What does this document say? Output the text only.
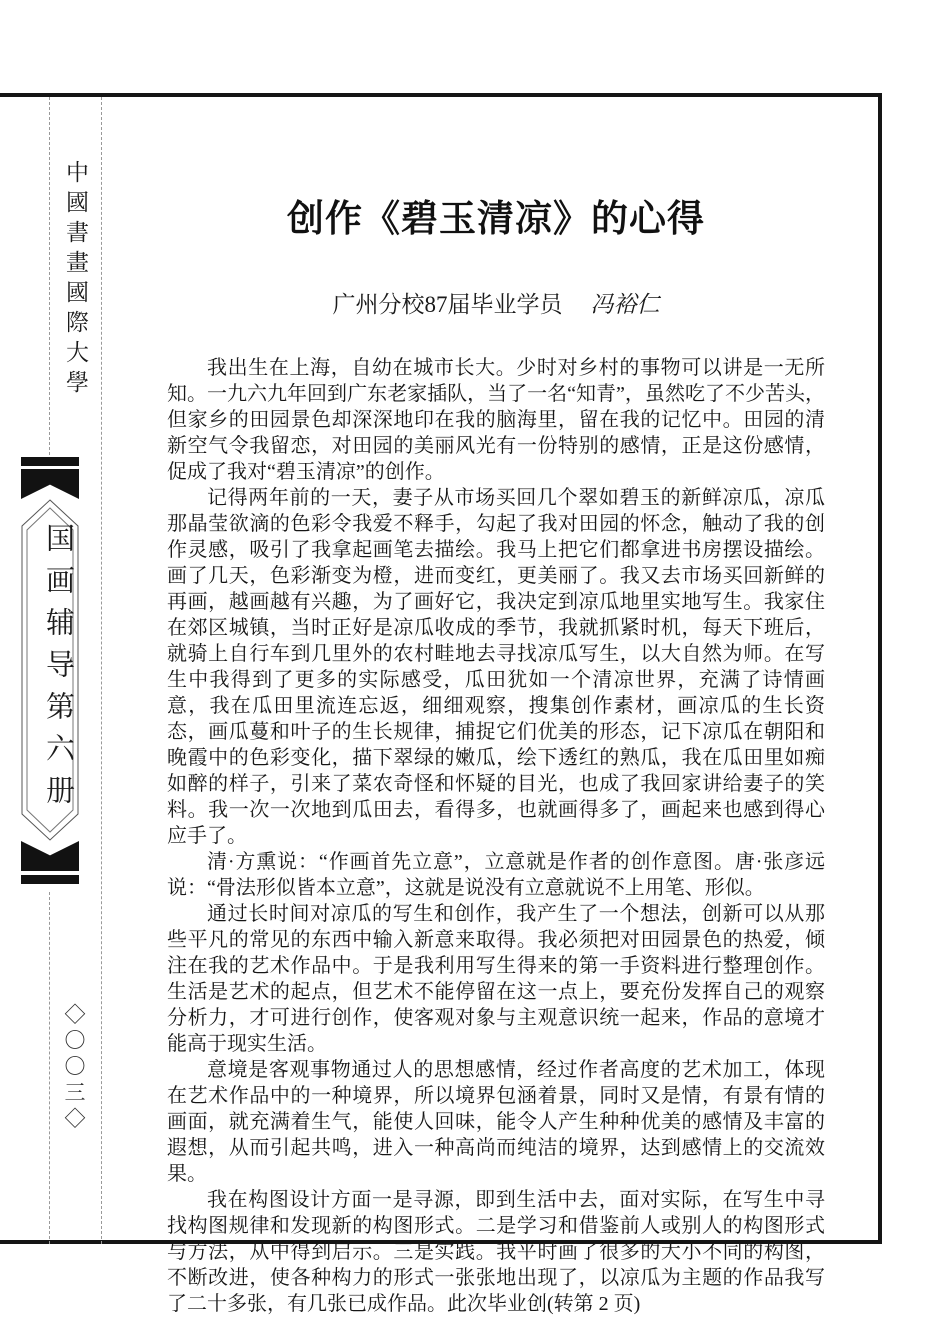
中國書畫國際大學
国画辅导第六册
◇〇〇三◇
创作《碧玉清凉》的心得
广州分校87届毕业学员 冯裕仁

我出生在上海，自幼在城市长大。少时对乡村的事物可以讲是一无所知。一九六九年回到广东老家插队，当了一名“知青”，虽然吃了不少苦头，但家乡的田园景色却深深地印在我的脑海里，留在我的记忆中。田园的清新空气令我留恋，对田园的美丽风光有一份特别的感情，正是这份感情，促成了我对“碧玉清凉”的创作。

记得两年前的一天，妻子从市场买回几个翠如碧玉的新鲜凉瓜，凉瓜那晶莹欲滴的色彩令我爱不释手，勾起了我对田园的怀念，触动了我的创作灵感，吸引了我拿起画笔去描绘。我马上把它们都拿进书房摆设描绘。画了几天，色彩渐变为橙，进而变红，更美丽了。我又去市场买回新鲜的再画，越画越有兴趣，为了画好它，我决定到凉瓜地里实地写生。我家住在郊区城镇，当时正好是凉瓜收成的季节，我就抓紧时机，每天下班后，就骑上自行车到几里外的农村畦地去寻找凉瓜写生，以大自然为师。在写生中我得到了更多的实际感受，瓜田犹如一个清凉世界，充满了诗情画意，我在瓜田里流连忘返，细细观察，搜集创作素材，画凉瓜的生长资态，画瓜蔓和叶子的生长规律，捕捉它们优美的形态，记下凉瓜在朝阳和晚霞中的色彩变化，描下翠绿的嫩瓜，绘下透红的熟瓜，我在瓜田里如痴如醉的样子，引来了菜农奇怪和怀疑的目光，也成了我回家讲给妻子的笑料。我一次一次地到瓜田去，看得多，也就画得多了，画起来也感到得心应手了。

清·方熏说：“作画首先立意”，立意就是作者的创作意图。唐·张彦远说：“骨法形似皆本立意”，这就是说没有立意就说不上用笔、形似。

通过长时间对凉瓜的写生和创作，我产生了一个想法，创新可以从那些平凡的常见的东西中输入新意来取得。我必须把对田园景色的热爱，倾注在我的艺术作品中。于是我利用写生得来的第一手资料进行整理创作。生活是艺术的起点，但艺术不能停留在这一点上，要充份发挥自己的观察分析力，才可进行创作，使客观对象与主观意识统一起来，作品的意境才能高于现实生活。

意境是客观事物通过人的思想感情，经过作者高度的艺术加工，体现在艺术作品中的一种境界，所以境界包涵着景，同时又是情，有景有情的画面，就充满着生气，能使人回味，能令人产生种种优美的感情及丰富的遐想，从而引起共鸣，进入一种高尚而纯洁的境界，达到感情上的交流效果。

我在构图设计方面一是寻源，即到生活中去，面对实际，在写生中寻找构图规律和发现新的构图形式。二是学习和借鉴前人或别人的构图形式与方法，从中得到启示。三是实践。我平时画了很多的大小不同的构图，不断改进，使各种构力的形式一张张地出现了，以凉瓜为主题的作品我写了二十多张，有几张已成作品。此次毕业创(转第 2 页)
